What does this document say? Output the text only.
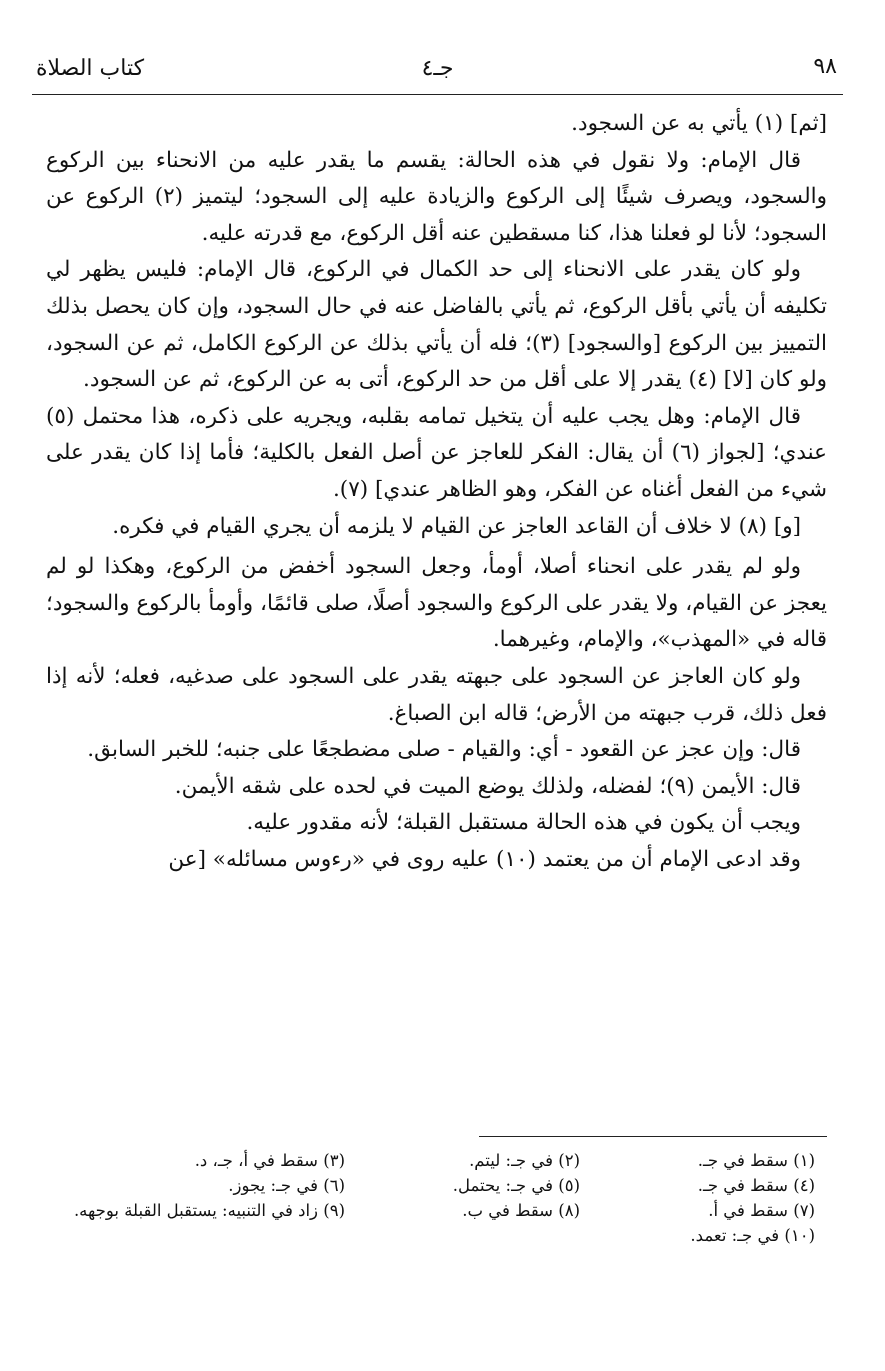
٩٨
جـ٤
كتاب الصلاة

[ثم] (١) يأتي به عن السجود.

قال الإمام: ولا نقول في هذه الحالة: يقسم ما يقدر عليه من الانحناء بين الركوع والسجود، ويصرف شيئًا إلى الركوع والزيادة عليه إلى السجود؛ ليتميز (٢) الركوع عن السجود؛ لأنا لو فعلنا هذا، كنا مسقطين عنه أقل الركوع، مع قدرته عليه.

ولو كان يقدر على الانحناء إلى حد الكمال في الركوع، قال الإمام: فليس يظهر لي تكليفه أن يأتي بأقل الركوع، ثم يأتي بالفاضل عنه في حال السجود، وإن كان يحصل بذلك التمييز بين الركوع [والسجود] (٣)؛ فله أن يأتي بذلك عن الركوع الكامل، ثم عن السجود، ولو كان [لا] (٤) يقدر إلا على أقل من حد الركوع، أتى به عن الركوع، ثم عن السجود.

قال الإمام: وهل يجب عليه أن يتخيل تمامه بقلبه، ويجريه على ذكره، هذا محتمل (٥) عندي؛ [لجواز (٦) أن يقال: الفكر للعاجز عن أصل الفعل بالكلية؛ فأما إذا كان يقدر على شيء من الفعل أغناه عن الفكر، وهو الظاهر عندي] (٧).

[و] (٨) لا خلاف أن القاعد العاجز عن القيام لا يلزمه أن يجري القيام في فكره.

ولو لم يقدر على انحناء أصلا، أومأ، وجعل السجود أخفض من الركوع، وهكذا لو لم يعجز عن القيام، ولا يقدر على الركوع والسجود أصلًا، صلى قائمًا، وأومأ بالركوع والسجود؛ قاله في «المهذب»، والإمام، وغيرهما.

ولو كان العاجز عن السجود على جبهته يقدر على السجود على صدغيه، فعله؛ لأنه إذا فعل ذلك، قرب جبهته من الأرض؛ قاله ابن الصباغ.

قال: وإن عجز عن القعود - أي: والقيام - صلى مضطجعًا على جنبه؛ للخبر السابق.

قال: الأيمن (٩)؛ لفضله، ولذلك يوضع الميت في لحده على شقه الأيمن.

ويجب أن يكون في هذه الحالة مستقبل القبلة؛ لأنه مقدور عليه.

وقد ادعى الإمام أن من يعتمد (١٠) عليه روى في «رءوس مسائله» [عن

(١) سقط في جـ.
(٢) في جـ: ليتم.
(٣) سقط في أ، جـ، د.
(٤) سقط في جـ.
(٥) في جـ: يحتمل.
(٦) في جـ: يجوز.
(٧) سقط في أ.
(٨) سقط في ب.
(٩) زاد في التنبيه: يستقبل القبلة بوجهه.
(١٠) في جـ: تعمد.
